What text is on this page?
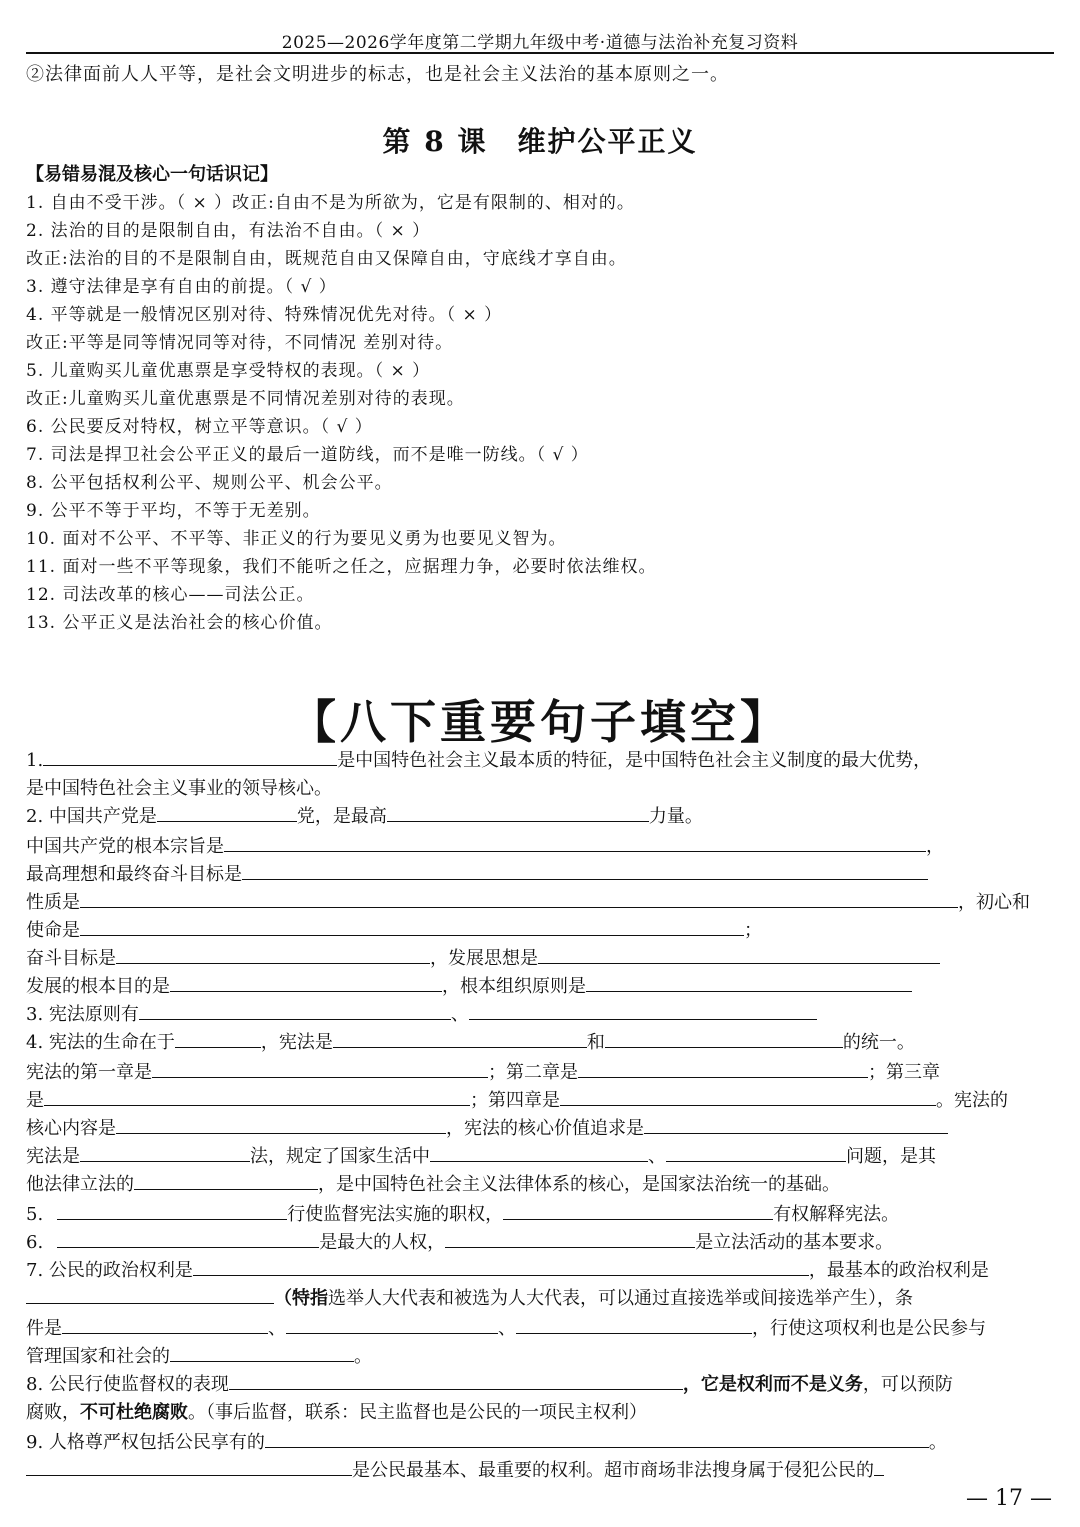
2025—2026学年度第二学期九年级中考·道德与法治补充复习资料
②法律面前人人平等，是社会文明进步的标志，也是社会主义法治的基本原则之一。
第 8 课　维护公平正义
【易错易混及核心一句话识记】
1. 自由不受干涉。（ × ）改正:自由不是为所欲为，它是有限制的、相对的。
2. 法治的目的是限制自由，有法治不自由。（ × ）
改正:法治的目的不是限制自由，既规范自由又保障自由，守底线才享自由。
3. 遵守法律是享有自由的前提。（ √ ）
4. 平等就是一般情况区别对待、特殊情况优先对待。（ × ）
改正:平等是同等情况同等对待，不同情况 差别对待。
5. 儿童购买儿童优惠票是享受特权的表现。（ × ）
改正:儿童购买儿童优惠票是不同情况差别对待的表现。
6. 公民要反对特权，树立平等意识。（ √ ）
7. 司法是捍卫社会公平正义的最后一道防线，而不是唯一防线。（ √ ）
8. 公平包括权利公平、规则公平、机会公平。
9. 公平不等于平均，不等于无差别。
10. 面对不公平、不平等、非正义的行为要见义勇为也要见义智为。
11. 面对一些不平等现象，我们不能听之任之，应据理力争，必要时依法维权。
12. 司法改革的核心——司法公正。
13. 公平正义是法治社会的核心价值。
【八下重要句子填空】
1.	是中国特色社会主义最本质的特征，是中国特色社会主义制度的最大优势，
是中国特色社会主义事业的领导核心。
2. 中国共产党是	党，是最高	力量。
中国共产党的根本宗旨是	，
最高理想和最终奋斗目标是
性质是	，初心和
使命是	；
奋斗目标是	，发展思想是
发展的根本目的是	，根本组织原则是
3. 宪法原则有	、
4. 宪法的生命在于	，宪法是	和	的统一。
宪法的第一章是	；第二章是	；第三章
是	；第四章是	。宪法的
核心内容是	，宪法的核心价值追求是
宪法是	法，规定了国家生活中	、	问题，是其
他法律立法的	，是中国特色社会主义法律体系的核心，是国家法治统一的基础。
5.	行使监督宪法实施的职权，	有权解释宪法。
6.	是最大的人权，	是立法活动的基本要求。
7. 公民的政治权利是	，最基本的政治权利是
（特指选举人大代表和被选为人大代表，可以通过直接选举或间接选举产生），条
件是	、	、	，行使这项权利也是公民参与
管理国家和社会的	。
8. 公民行使监督权的表现	，它是权利而不是义务，可以预防
腐败，不可杜绝腐败。（事后监督，联系：民主监督也是公民的一项民主权利）
9. 人格尊严权包括公民享有的	。
是公民最基本、最重要的权利。超市商场非法搜身属于侵犯公民的
— 17 —
